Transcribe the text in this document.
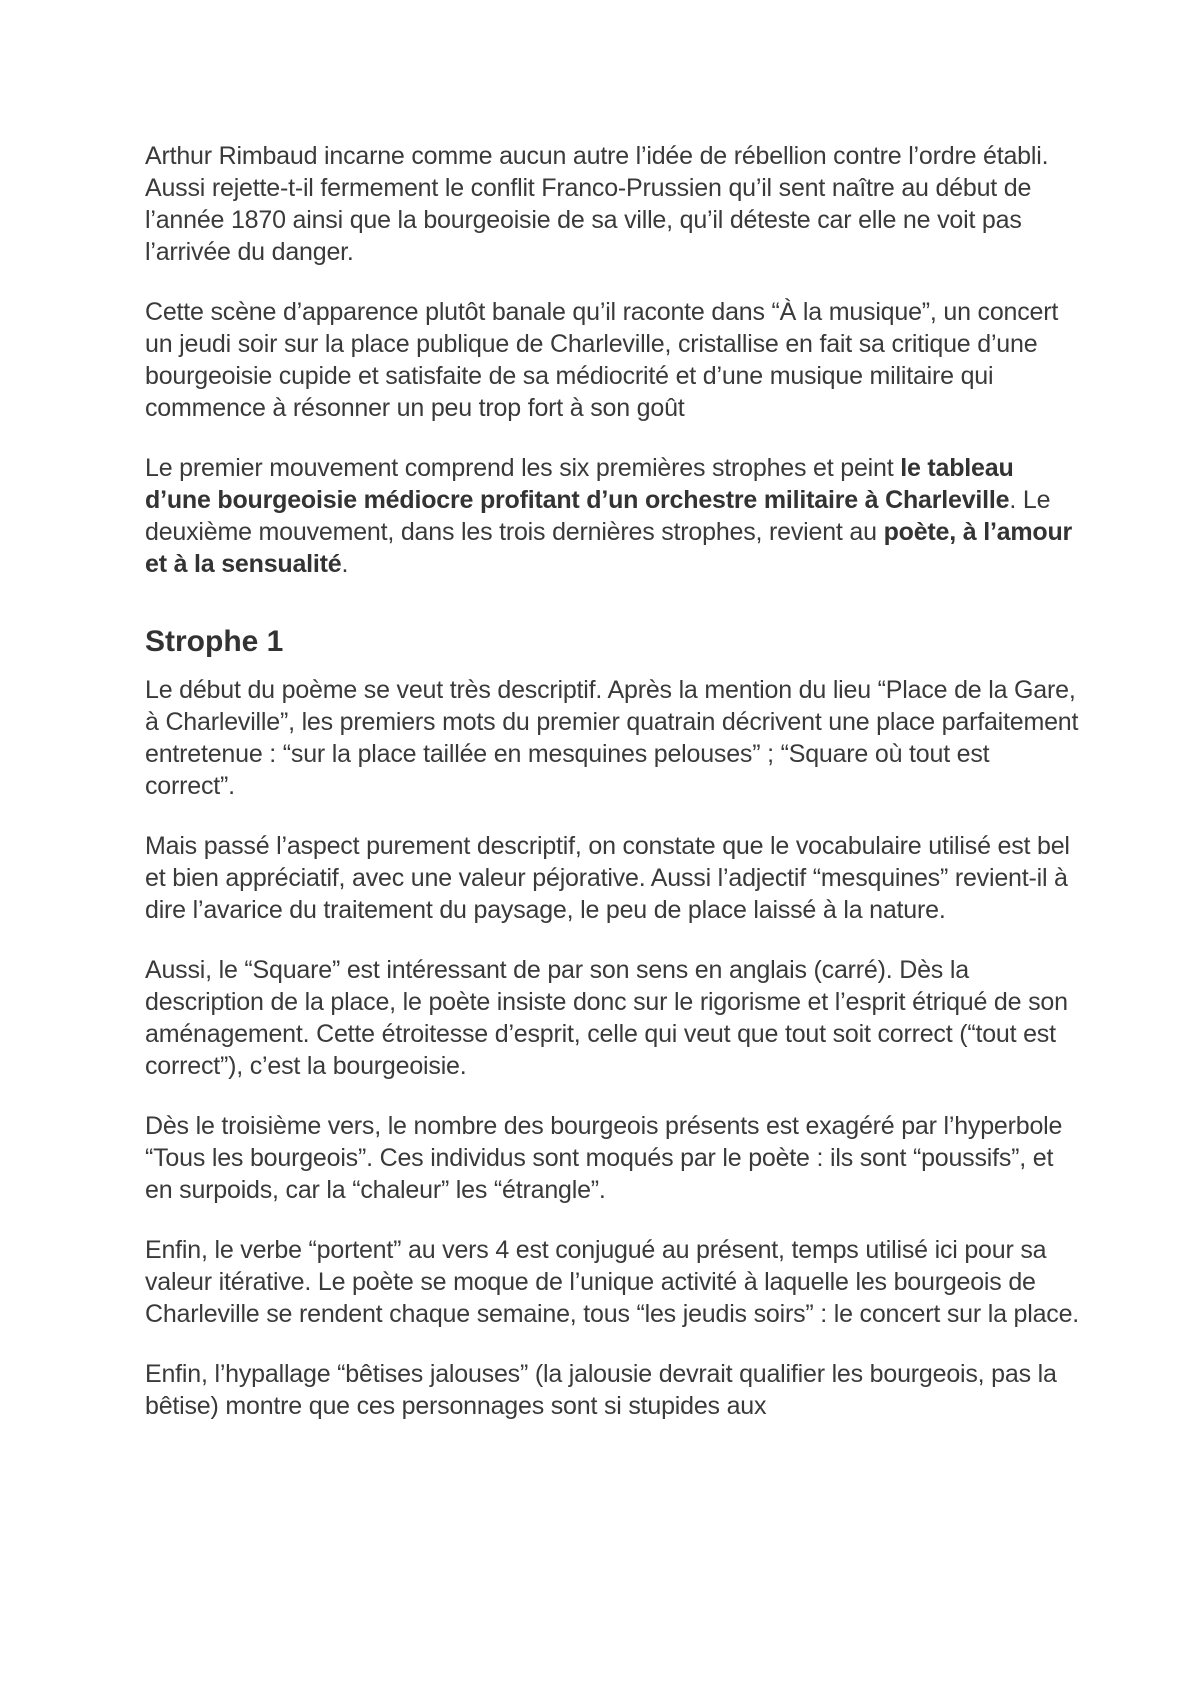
Arthur Rimbaud incarne comme aucun autre l’idée de rébellion contre l’ordre établi. Aussi rejette-t-il fermement le conflit Franco-Prussien qu’il sent naître au début de l’année 1870 ainsi que la bourgeoisie de sa ville, qu’il déteste car elle ne voit pas l’arrivée du danger.

Cette scène d’apparence plutôt banale qu’il raconte dans “À la musique”, un concert un jeudi soir sur la place publique de Charleville, cristallise en fait sa critique d’une bourgeoisie cupide et satisfaite de sa médiocrité et d’une musique militaire qui commence à résonner un peu trop fort à son goût

Le premier mouvement comprend les six premières strophes et peint le tableau d’une bourgeoisie médiocre profitant d’un orchestre militaire à Charleville. Le deuxième mouvement, dans les trois dernières strophes, revient au poète, à l’amour et à la sensualité.

Strophe 1

Le début du poème se veut très descriptif. Après la mention du lieu “Place de la Gare, à Charleville”, les premiers mots du premier quatrain décrivent une place parfaitement entretenue : “sur la place taillée en mesquines pelouses” ; “Square où tout est correct”.

Mais passé l’aspect purement descriptif, on constate que le vocabulaire utilisé est bel et bien appréciatif, avec une valeur péjorative. Aussi l’adjectif “mesquines” revient-il à dire l’avarice du traitement du paysage, le peu de place laissé à la nature.

Aussi, le “Square” est intéressant de par son sens en anglais (carré). Dès la description de la place, le poète insiste donc sur le rigorisme et l’esprit étriqué de son aménagement. Cette étroitesse d’esprit, celle qui veut que tout soit correct (“tout est correct”), c’est la bourgeoisie.

Dès le troisième vers, le nombre des bourgeois présents est exagéré par l’hyperbole “Tous les bourgeois”. Ces individus sont moqués par le poète : ils sont “poussifs”, et en surpoids, car la “chaleur” les “étrangle”.

Enfin, le verbe “portent” au vers 4 est conjugué au présent, temps utilisé ici pour sa valeur itérative. Le poète se moque de l’unique activité à laquelle les bourgeois de Charleville se rendent chaque semaine, tous “les jeudis soirs” : le concert sur la place.

Enfin, l’hypallage “bêtises jalouses” (la jalousie devrait qualifier les bourgeois, pas la bêtise) montre que ces personnages sont si stupides aux
